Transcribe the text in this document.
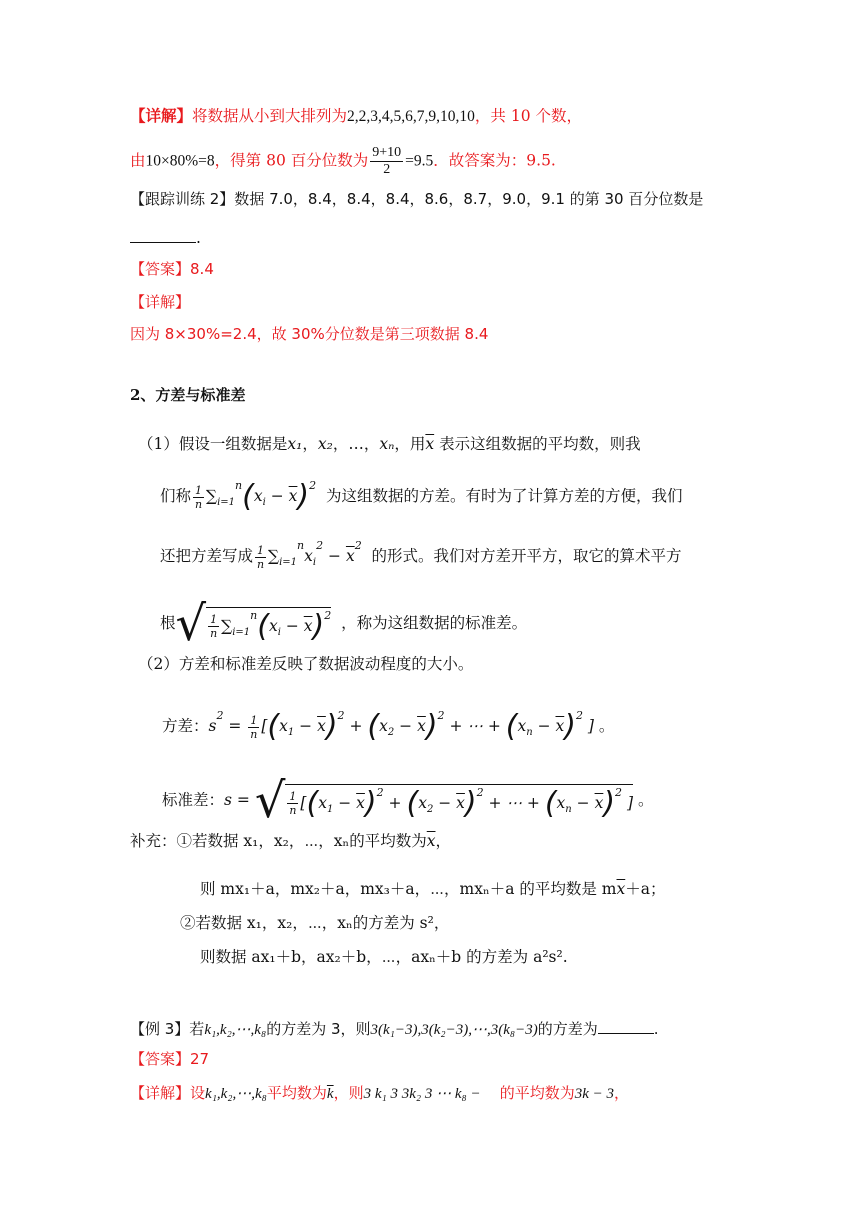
【详解】将数据从小到大排列为2,2,3,4,5,6,7,9,10,10，共 10 个数，
由10×80%=8，得第 80 百分位数为 $\frac{9+10}{2} =9.5$．故答案为：9.5.
【跟踪训练 2】数据 7.0，8.4，8.4，8.4，8.6，8.7，9.0，9.1 的第 30 百分位数是
.
【答案】8.4
【详解】
因为 8×30%=2.4，故 30%分位数是第三项数据 8.4
2、方差与标准差
（1）假设一组数据是x₁，x₂，…，xₙ，用$\overline{x}$ 表示这组数据的平均数，则我
们称 $\frac{1}{n} \sum_{i=1}^n(x_i - \overline{x})^2$  为这组数据的方差。有时为了计算方差的方便，我们
还把方差写成 $\frac{1}{n} \sum_{i=1}^nx_i^2 - \overline{x}^2$  的形式。我们对方差开平方，取它的算术平方
根√ $\frac{1}{n} \sum_{i=1}^n(x_i - \overline{x})^2$ ，称为这组数据的标准差。
（2）方差和标准差反映了数据波动程度的大小。
方差：$s^2 = \frac{1}{n} [(x_1 - \overline{x})^2 + (x_2 - \overline{x})^2$ + ⋯ + $(x_n - \overline{x})^2$ ] 。
标准差：s = √ $\frac{1}{n} [(x_1 - \overline{x})^2 + (x_2 - \overline{x})^2$ + ⋯ + $(x_n - \overline{x})^2$ ] 。
补充：①若数据 x₁，x₂，⋯，xₙ的平均数为$\overline{x}$，
则 mx₁＋a，mx₂＋a，mx₃＋a，⋯，mxₙ＋a 的平均数是 $m\overline{x}+a$；
②若数据 x₁，x₂，⋯，xₙ的方差为 s²，
则数据 ax₁＋b，ax₂＋b，⋯，axₙ＋b 的方差为 a²s².
【例 3】若k₁,k₂,⋯,k₈的方差为 3，则3(k₁−3),3(k₂−3),⋯,3(k₈−3)的方差为	.
【答案】27
【详解】设k₁,k₂,⋯,k₈平均数为$\overline{k}$，则3 k₁ 3 3k₂ 3 ⋯ k₈ − 的平均数为3k − 3，
